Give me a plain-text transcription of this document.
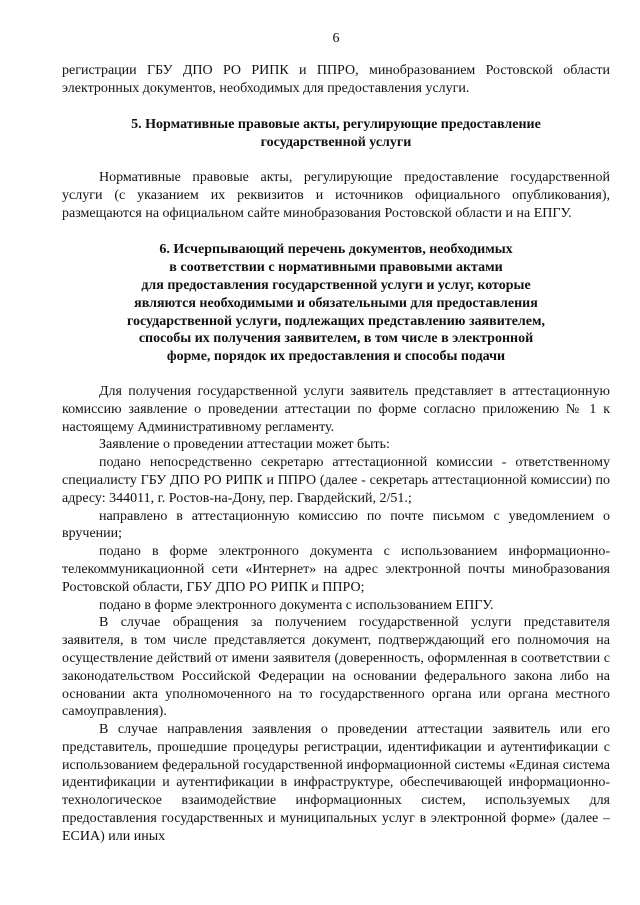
6

регистрации ГБУ ДПО РО РИПК и ППРО, минобразованием Ростовской области электронных документов, необходимых для предоставления услуги.

5. Нормативные правовые акты, регулирующие предоставление
государственной услуги

Нормативные правовые акты, регулирующие предоставление государственной услуги (с указанием их реквизитов и источников официального опубликования), размещаются на официальном сайте минобразования Ростовской области и на ЕПГУ.

6. Исчерпывающий перечень документов, необходимых
в соответствии с нормативными правовыми актами
для предоставления государственной услуги и услуг, которые
являются необходимыми и обязательными для предоставления
государственной услуги, подлежащих представлению заявителем,
способы их получения заявителем, в том числе в электронной
форме, порядок их предоставления и способы подачи

Для получения государственной услуги заявитель представляет в аттестационную комиссию заявление о проведении аттестации по форме согласно приложению № 1 к настоящему Административному регламенту.

Заявление о проведении аттестации может быть:

подано непосредственно секретарю аттестационной комиссии - ответственному специалисту ГБУ ДПО РО РИПК и ППРО (далее - секретарь аттестационной комиссии) по адресу: 344011, г. Ростов-на-Дону, пер. Гвардейский, 2/51.;

направлено в аттестационную комиссию по почте письмом с уведомлением о вручении;

подано в форме электронного документа с использованием информационно-телекоммуникационной сети «Интернет» на адрес электронной почты минобразования Ростовской области, ГБУ ДПО РО РИПК и ППРО;

подано в форме электронного документа с использованием ЕПГУ.

В случае обращения за получением государственной услуги представителя заявителя, в том числе представляется документ, подтверждающий его полномочия на осуществление действий от имени заявителя (доверенность, оформленная в соответствии с законодательством Российской Федерации на основании федерального закона либо на основании акта уполномоченного на то государственного органа или органа местного самоуправления).

В случае направления заявления о проведении аттестации заявитель или его представитель, прошедшие процедуры регистрации, идентификации и аутентификации с использованием федеральной государственной информационной системы «Единая система идентификации и аутентификации в инфраструктуре, обеспечивающей информационно-технологическое взаимодействие информационных систем, используемых для предоставления государственных и муниципальных услуг в электронной форме» (далее – ЕСИА) или иных
